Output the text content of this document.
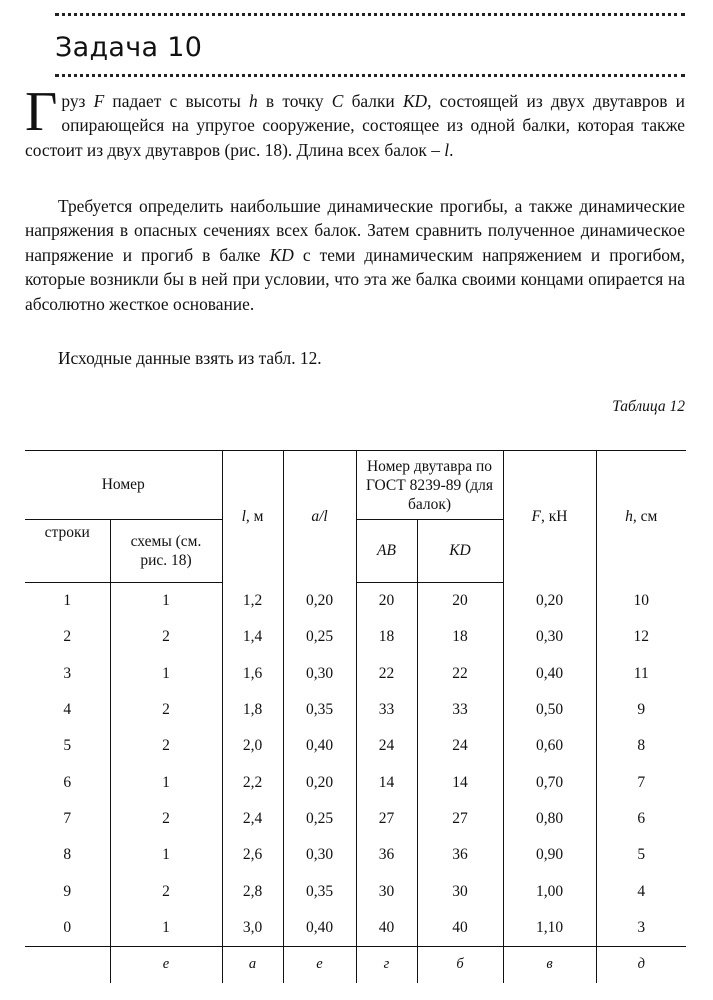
Задача 10

Груз F падает с высоты h в точку C балки KD, состоящей из двух двутавров и опирающейся на упругое сооружение, состоящее из одной балки, которая также состоит из двух двутавров (рис. 18). Длина всех балок – l.

Требуется определить наибольшие динамические прогибы, а также динамические напряжения в опасных сечениях всех балок. Затем сравнить полученное динамическое напряжение и прогиб в балке KD с теми динамическим напряжением и прогибом, которые возникли бы в ней при условии, что эта же балка своими концами опирается на абсолютно жесткое основание.

Исходные данные взять из табл. 12.

Таблица 12
Номер		l, м	a/l	Номер двутавра по ГОСТ 8239-89 (для балок)		F, кН	h, см
строки	схемы (см. рис. 18)			AB	KD		
1	1	1,2	0,20	20	20	0,20	10
2	2	1,4	0,25	18	18	0,30	12
3	1	1,6	0,30	22	22	0,40	11
4	2	1,8	0,35	33	33	0,50	9
5	2	2,0	0,40	24	24	0,60	8
6	1	2,2	0,20	14	14	0,70	7
7	2	2,4	0,25	27	27	0,80	6
8	1	2,6	0,30	36	36	0,90	5
9	2	2,8	0,35	30	30	1,00	4
0	1	3,0	0,40	40	40	1,10	3
	е	а	е	г	б	в	д
